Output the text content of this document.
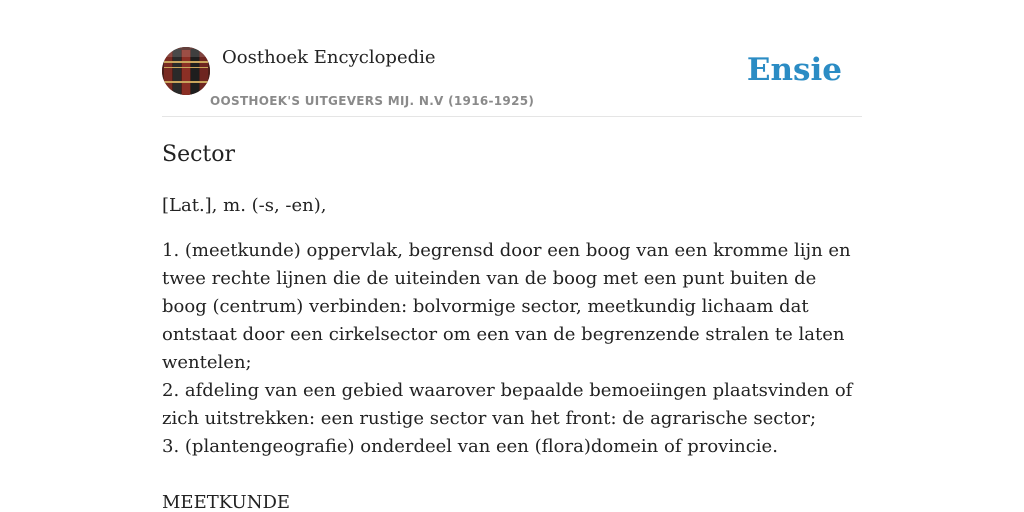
Oosthoek Encyclopedie
OOSTHOEK'S UITGEVERS MIJ. N.V (1916-1925)
Ensie
Sector

[Lat.], m. (-s, -en),

1. (meetkunde) oppervlak, begrensd door een boog van een kromme lijn en twee rechte lijnen die de uiteinden van de boog met een punt buiten de boog (centrum) verbinden: bolvormige sector, meetkundig lichaam dat ontstaat door een cirkelsector om een van de begrenzende stralen te laten wentelen;
2. afdeling van een gebied waarover bepaalde bemoeiingen plaatsvinden of zich uitstrekken: een rustige sector van het front: de agrarische sector;
3. (plantengeografie) onderdeel van een (flora)domein of provincie.

MEETKUNDE
